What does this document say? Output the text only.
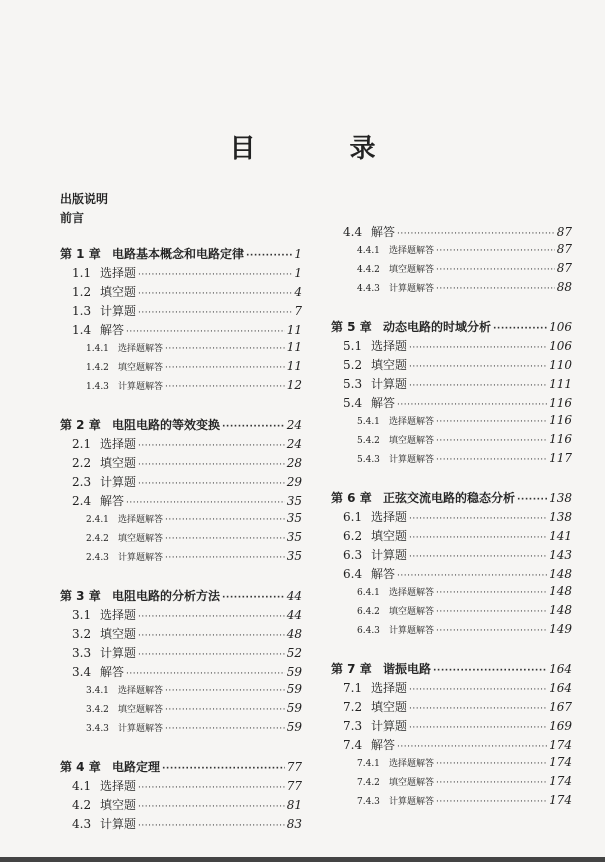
目　录
出版说明
前言
第 1 章 电路基本概念和电路定律 ·····	1
1.1 选择题 ·····	1
1.2 填空题 ·····	4
1.3 计算题 ·····	7
1.4 解答 ·····	11
1.4.1	选择题解答 ·····	11
1.4.2	填空题解答 ·····	11
1.4.3	计算题解答 ·····	12
第 2 章 电阻电路的等效变换 ·····	24
2.1 选择题 ·····	24
2.2 填空题 ·····	28
2.3 计算题 ·····	29
2.4 解答 ·····	35
2.4.1	选择题解答 ·····	35
2.4.2	填空题解答 ·····	35
2.4.3	计算题解答 ·····	35
第 3 章 电阻电路的分析方法 ·····	44
3.1 选择题 ·····	44
3.2 填空题 ·····	48
3.3 计算题 ·····	52
3.4 解答 ·····	59
3.4.1	选择题解答 ·····	59
3.4.2	填空题解答 ·····	59
3.4.3	计算题解答 ·····	59
第 4 章 电路定理 ·····	77
4.1 选择题 ·····	77
4.2 填空题 ·····	81
4.3 计算题 ·····	83
4.4 解答 ·····	87
4.4.1	选择题解答 ·····	87
4.4.2	填空题解答 ·····	87
4.4.3	计算题解答 ·····	88
第 5 章 动态电路的时域分析 ·····	106
5.1 选择题 ·····	106
5.2 填空题 ·····	110
5.3 计算题 ·····	111
5.4 解答 ·····	116
5.4.1	选择题解答 ·····	116
5.4.2	填空题解答 ·····	116
5.4.3	计算题解答 ·····	117
第 6 章 正弦交流电路的稳态分析 ·····	138
6.1 选择题 ·····	138
6.2 填空题 ·····	141
6.3 计算题 ·····	143
6.4 解答 ·····	148
6.4.1	选择题解答 ·····	148
6.4.2	填空题解答 ·····	148
6.4.3	计算题解答 ·····	149
第 7 章 谐振电路 ·····	164
7.1 选择题 ·····	164
7.2 填空题 ·····	167
7.3 计算题 ·····	169
7.4 解答 ·····	174
7.4.1	选择题解答 ·····	174
7.4.2	填空题解答 ·····	174
7.4.3	计算题解答 ·····	174
